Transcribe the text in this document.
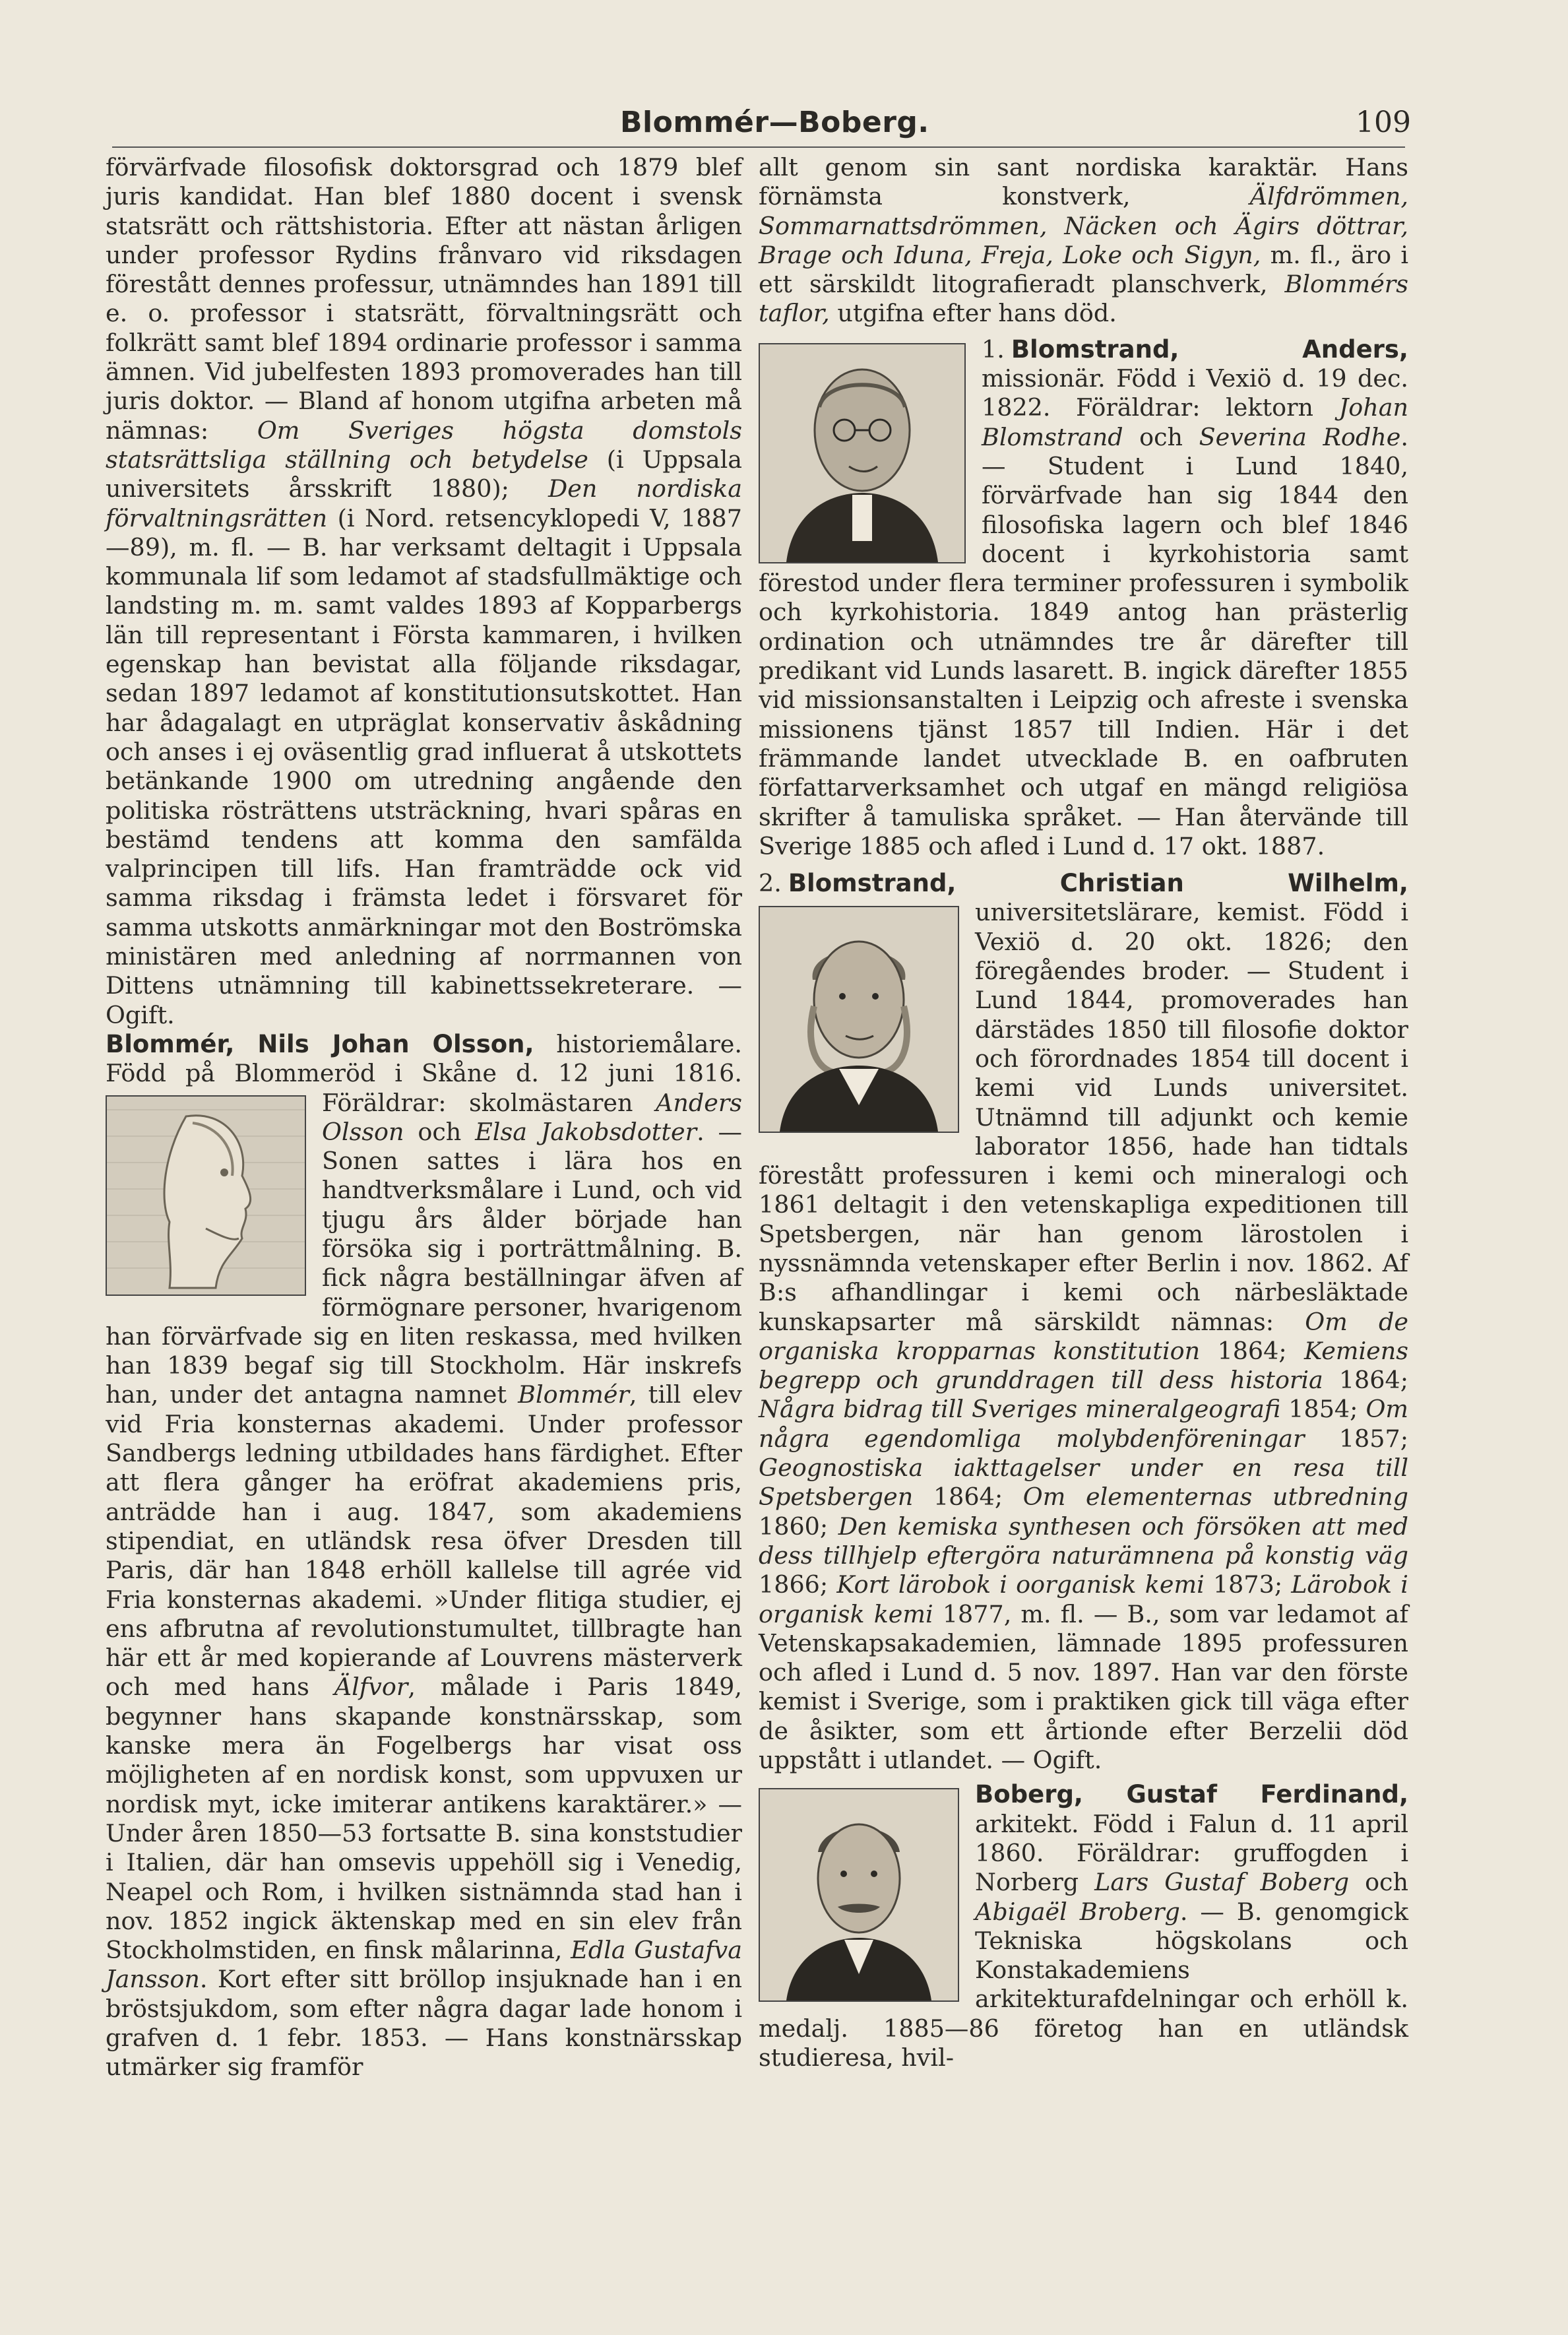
Blommér—Boberg.	109

förvärfvade filosofisk doktorsgrad och 1879 blef juris kandidat. Han blef 1880 docent i svensk statsrätt och rättshistoria. Efter att nästan årligen under professor Rydins frånvaro vid riksdagen förestått dennes professur, utnämndes han 1891 till e. o. professor i statsrätt, förvaltningsrätt och folkrätt samt blef 1894 ordinarie professor i samma ämnen. Vid jubelfesten 1893 promoverades han till juris doktor. — Bland af honom utgifna arbeten må nämnas: Om Sveriges högsta domstols statsrättsliga ställning och betydelse (i Uppsala universitets årsskrift 1880); Den nordiska förvaltningsrätten (i Nord. retsencyklopedi V, 1887—89), m. fl. — B. har verksamt deltagit i Uppsala kommunala lif som ledamot af stadsfullmäktige och landsting m. m. samt valdes 1893 af Kopparbergs län till representant i Första kammaren, i hvilken egenskap han bevistat alla följande riksdagar, sedan 1897 ledamot af konstitutionsutskottet. Han har ådagalagt en utpräglat konservativ åskådning och anses i ej oväsentlig grad influerat å utskottets betänkande 1900 om utredning angående den politiska rösträttens utsträckning, hvari spåras en bestämd tendens att komma den samfälda valprincipen till lifs. Han framträdde ock vid samma riksdag i främsta ledet i försvaret för samma utskotts anmärkningar mot den Boströmska ministären med anledning af norrmannen von Dittens utnämning till kabinettssekreterare. — Ogift.

Blommér, Nils Johan Olsson, historiemålare. Född på Blommeröd i Skåne d. 12 juni 1816. Föräldrar: skolmästaren Anders Olsson och Elsa Jakobsdotter. — Sonen sattes i lära hos en handtverksmålare i Lund, och vid tjugu års ålder började han försöka sig i porträttmålning. B. fick några beställningar äfven af förmögnare personer, hvarigenom han förvärfvade sig en liten reskassa, med hvilken han 1839 begaf sig till Stockholm. Här inskrefs han, under det antagna namnet Blommér, till elev vid Fria konsternas akademi. Under professor Sandbergs ledning utbildades hans färdighet. Efter att flera gånger ha eröfrat akademiens pris, anträdde han i aug. 1847, som akademiens stipendiat, en utländsk resa öfver Dresden till Paris, där han 1848 erhöll kallelse till agrée vid Fria konsternas akademi. »Under flitiga studier, ej ens afbrutna af revolutionstumultet, tillbragte han här ett år med kopierande af Louvrens mästerverk och med hans Älfvor, målade i Paris 1849, begynner hans skapande konstnärsskap, som kanske mera än Fogelbergs har visat oss möjligheten af en nordisk konst, som uppvuxen ur nordisk myt, icke imiterar antikens karaktärer.» — Under åren 1850—53 fortsatte B. sina konststudier i Italien, där han omsevis uppehöll sig i Venedig, Neapel och Rom, i hvilken sistnämnda stad han i nov. 1852 ingick äktenskap med en sin elev från Stockholmstiden, en finsk målarinna, Edla Gustafva Jansson. Kort efter sitt bröllop insjuknade han i en bröstsjukdom, som efter några dagar lade honom i grafven d. 1 febr. 1853. — Hans konstnärsskap utmärker sig framför

allt genom sin sant nordiska karaktär. Hans förnämsta konstverk,	Älfdrömmen, Sommarnattsdrömmen, Näcken och Ägirs döttrar, Brage och Iduna, Freja, Loke och Sigyn, m. fl., äro i ett särskildt litografieradt planschverk, Blommérs taflor, utgifna efter hans död.

1. Blomstrand, Anders,
missionär. Född i Vexiö d. 19 dec. 1822. Föräldrar: lektorn Johan Blomstrand och Severina Rodhe. — Student i Lund 1840, förvärfvade han sig 1844 den filosofiska lagern och blef 1846 docent i kyrkohistoria samt förestod under flera terminer professuren i symbolik och kyrkohistoria. 1849 antog han prästerlig ordination och utnämndes tre år därefter till predikant vid Lunds lasarett. B. ingick därefter 1855 vid missionsanstalten i Leipzig och afreste i svenska missionens tjänst 1857 till Indien. Här i det främmande landet utvecklade B. en oafbruten författarverksamhet och utgaf en mängd religiösa skrifter å tamuliska språket. — Han återvände till Sverige 1885 och afled i Lund d. 17 okt. 1887.

2. Blomstrand, Christian Wilhelm,
universitetslärare, kemist. Född i Vexiö d. 20 okt. 1826; den föregåendes broder. — Student i Lund 1844, promoverades han därstädes 1850 till filosofie doktor och förordnades 1854 till docent i kemi vid Lunds universitet. Utnämnd till adjunkt och kemie laborator 1856, hade han tidtals förestått professuren i kemi och mineralogi och 1861 deltagit i den vetenskapliga expeditionen till Spetsbergen, när han genom lärostolen i nyssnämnda vetenskaper efter Berlin i nov. 1862. Af B:s afhandlingar i kemi och närbesläktade kunskapsarter må särskildt nämnas: Om de organiska kropparnas konstitution 1864; Kemiens begrepp och grunddragen till dess historia 1864; Några bidrag till Sveriges mineralgeografi 1854; Om några egendomliga molybdenföreningar 1857; Geognostiska iakttagelser under en resa till Spetsbergen 1864; Om elementernas utbredning 1860; Den kemiska synthesen och försöken att med dess tillhjelp eftergöra naturämnena på konstig väg 1866; Kort lärobok i oorganisk kemi 1873; Lärobok i organisk kemi 1877, m. fl. — B., som var ledamot af Vetenskapsakademien, lämnade 1895 professuren och afled i Lund d. 5 nov. 1897. Han var den förste kemist i Sverige, som i praktiken gick till väga efter de åsikter, som ett årtionde efter Berzelii död uppstått i utlandet. — Ogift.

Boberg, Gustaf Ferdinand,
arkitekt. Född i Falun d. 11 april 1860. Föräldrar: gruffogden i Norberg Lars Gustaf Boberg och Abigaël Broberg. — B. genomgick Tekniska högskolans och Konstakademiens arkitekturafdelningar och erhöll k. medalj. 1885—86 företog han en utländsk studieresa, hvil-
